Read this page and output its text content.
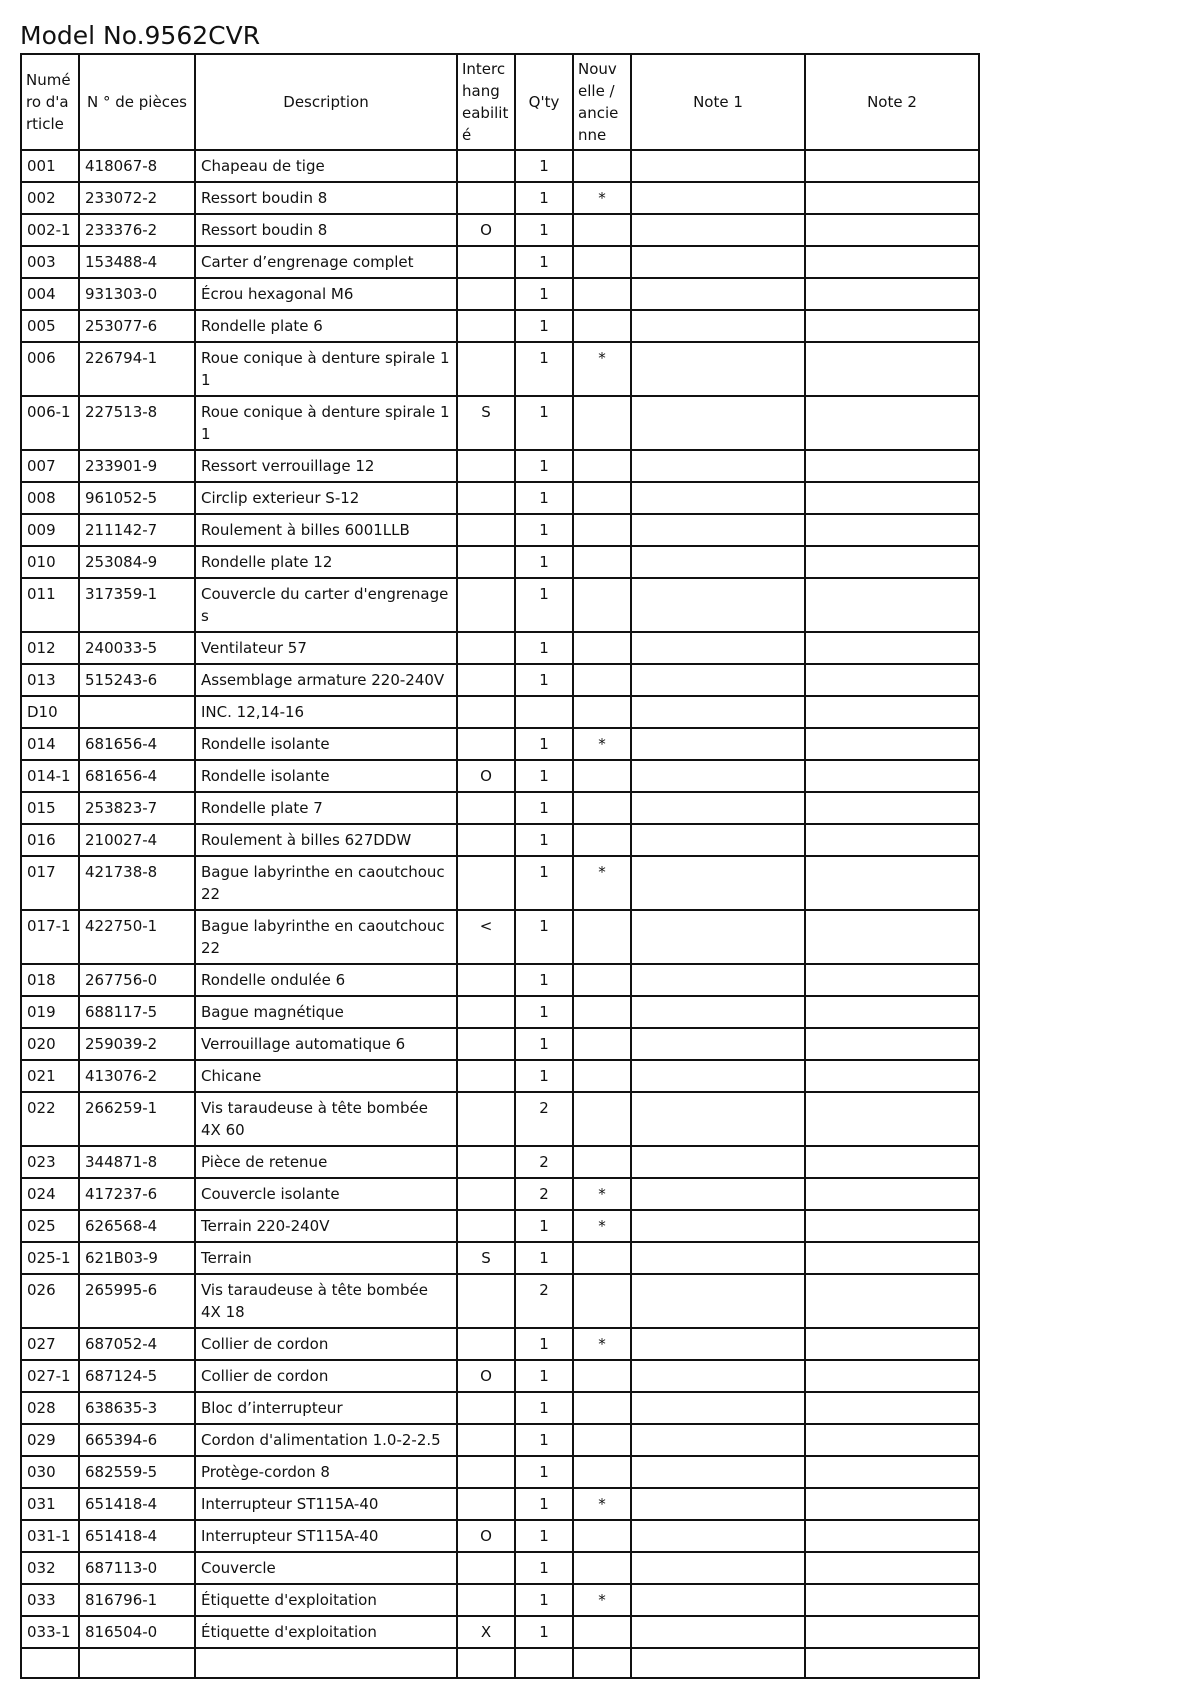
Model No.9562CVR
Numé ro d'a rticle	N ° de pièces	Description	Interc hang eabilit é	Q'ty	Nouv elle / ancie nne	Note 1	Note 2
001	418067-8	Chapeau de tige		1			
002	233072-2	Ressort boudin 8		1	*		
002-1	233376-2	Ressort boudin 8	O	1			
003	153488-4	Carter d’engrenage complet		1			
004	931303-0	Écrou hexagonal M6		1			
005	253077-6	Rondelle plate 6		1			
006	226794-1	Roue conique à denture spirale 1 1		1	*		
006-1	227513-8	Roue conique à denture spirale 1 1	S	1			
007	233901-9	Ressort verrouillage 12		1			
008	961052-5	Circlip exterieur S-12		1			
009	211142-7	Roulement à billes 6001LLB		1			
010	253084-9	Rondelle plate 12		1			
011	317359-1	Couvercle du carter d'engrenage s		1			
012	240033-5	Ventilateur 57		1			
013	515243-6	Assemblage armature 220-240V		1			
D10		INC. 12,14-16					
014	681656-4	Rondelle isolante		1	*		
014-1	681656-4	Rondelle isolante	O	1			
015	253823-7	Rondelle plate 7		1			
016	210027-4	Roulement à billes 627DDW		1			
017	421738-8	Bague labyrinthe en caoutchouc 22		1	*		
017-1	422750-1	Bague labyrinthe en caoutchouc 22	<	1			
018	267756-0	Rondelle ondulée 6		1			
019	688117-5	Bague magnétique		1			
020	259039-2	Verrouillage automatique 6		1			
021	413076-2	Chicane		1			
022	266259-1	Vis taraudeuse à tête bombée 4X 60		2			
023	344871-8	Pièce de retenue		2			
024	417237-6	Couvercle isolante		2	*		
025	626568-4	Terrain 220-240V		1	*		
025-1	621B03-9	Terrain	S	1			
026	265995-6	Vis taraudeuse à tête bombée 4X 18		2			
027	687052-4	Collier de cordon		1	*		
027-1	687124-5	Collier de cordon	O	1			
028	638635-3	Bloc d’interrupteur		1			
029	665394-6	Cordon d'alimentation 1.0-2-2.5		1			
030	682559-5	Protège-cordon 8		1			
031	651418-4	Interrupteur ST115A-40		1	*		
031-1	651418-4	Interrupteur ST115A-40	O	1			
032	687113-0	Couvercle		1			
033	816796-1	Étiquette d'exploitation		1	*		
033-1	816504-0	Étiquette d'exploitation	X	1			
